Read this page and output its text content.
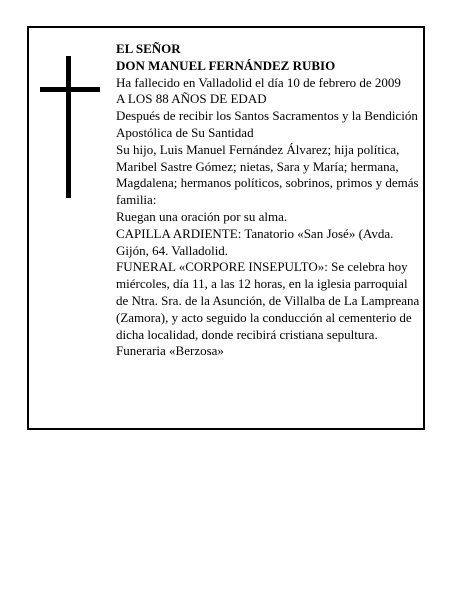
EL SEÑOR

DON MANUEL FERNÁNDEZ RUBIO

Ha fallecido en Valladolid el día 10 de febrero de 2009

A LOS 88 AÑOS DE EDAD

Después de recibir los Santos Sacramentos y la Bendición Apostólica de Su Santidad

Su hijo, Luis Manuel Fernández Álvarez; hija política, Maribel Sastre Gómez; nietas, Sara y María; hermana, Magdalena; hermanos políticos, sobrinos, primos y demás familia:

Ruegan una oración por su alma.

CAPILLA ARDIENTE: Tanatorio «San José» (Avda. Gijón, 64. Valladolid.

FUNERAL «CORPORE INSEPULTO»: Se celebra hoy miércoles, día 11, a las 12 horas, en la iglesia parroquial de Ntra. Sra. de la Asunción, de Villalba de La Lampreana (Zamora), y acto seguido la conducción al cementerio de dicha localidad, donde recibirá cristiana sepultura.

Funeraria «Berzosa»
